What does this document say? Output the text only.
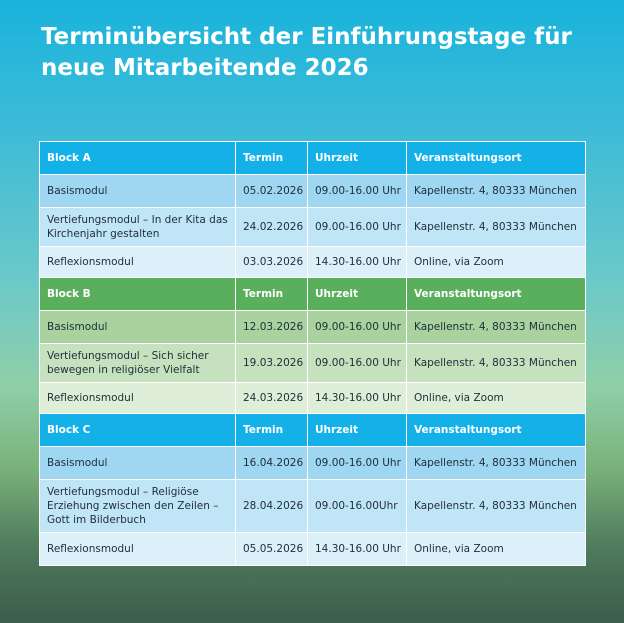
Terminübersicht der Einführungstage für neue Mitarbeitende 2026
Block A	Termin	Uhrzeit	Veranstaltungsort
Basismodul	05.02.2026	09.00-16.00 Uhr	Kapellenstr. 4, 80333 München
Vertiefungsmodul – In der Kita das Kirchenjahr gestalten	24.02.2026	09.00-16.00 Uhr	Kapellenstr. 4, 80333 München
Reflexionsmodul	03.03.2026	14.30-16.00 Uhr	Online, via Zoom
Block B	Termin	Uhrzeit	Veranstaltungsort
Basismodul	12.03.2026	09.00-16.00 Uhr	Kapellenstr. 4, 80333 München
Vertiefungsmodul – Sich sicher bewegen in religiöser Vielfalt	19.03.2026	09.00-16.00 Uhr	Kapellenstr. 4, 80333 München
Reflexionsmodul	24.03.2026	14.30-16.00 Uhr	Online, via Zoom
Block C	Termin	Uhrzeit	Veranstaltungsort
Basismodul	16.04.2026	09.00-16.00 Uhr	Kapellenstr. 4, 80333 München
Vertiefungsmodul – Religiöse Erziehung zwischen den Zeilen – Gott im Bilderbuch	28.04.2026	09.00-16.00Uhr	Kapellenstr. 4, 80333 München
Reflexionsmodul	05.05.2026	14.30-16.00 Uhr	Online, via Zoom
